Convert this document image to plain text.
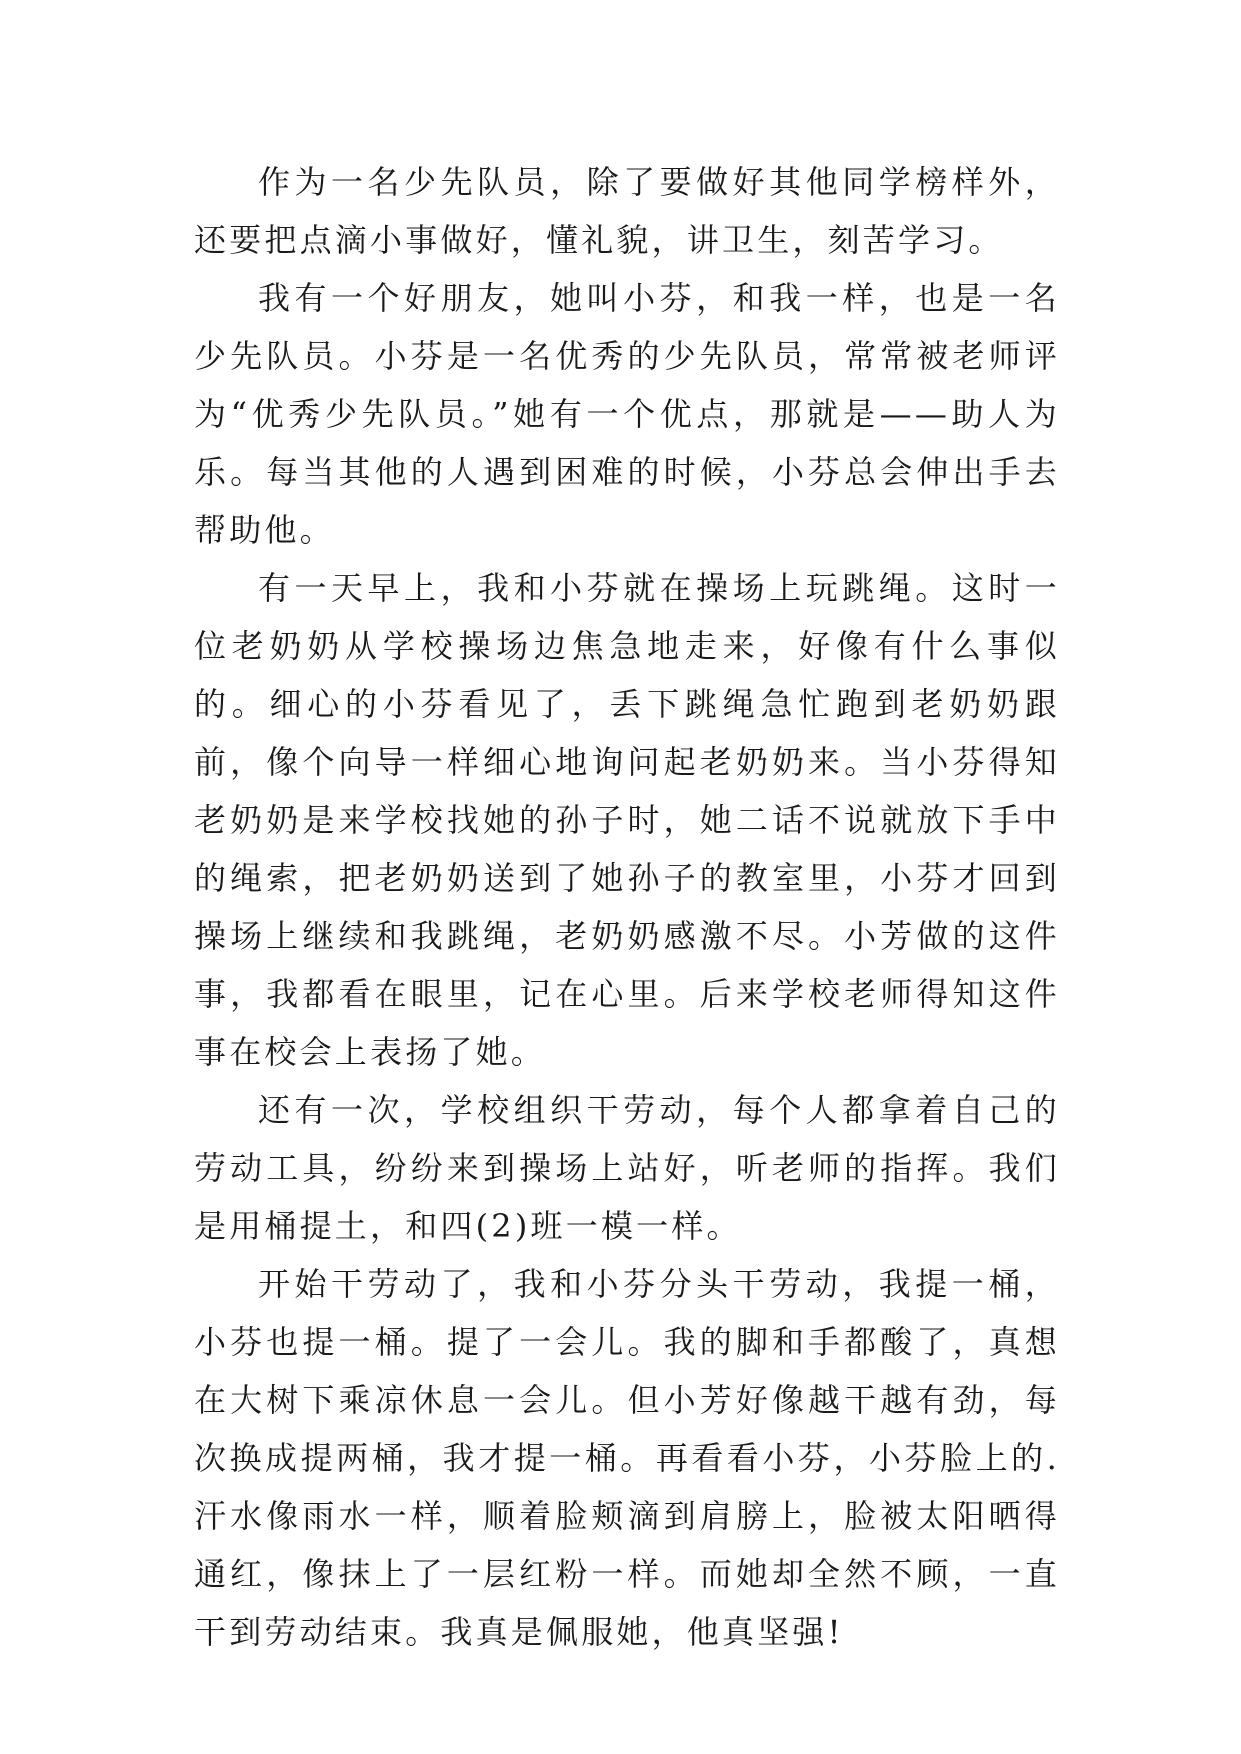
作为一名少先队员，除了要做好其他同学榜样外，还要把点滴小事做好，懂礼貌，讲卫生，刻苦学习。

我有一个好朋友，她叫小芬，和我一样，也是一名少先队员。小芬是一名优秀的少先队员，常常被老师评为“优秀少先队员。”她有一个优点，那就是——助人为乐。每当其他的人遇到困难的时候，小芬总会伸出手去帮助他。

有一天早上，我和小芬就在操场上玩跳绳。这时一位老奶奶从学校操场边焦急地走来，好像有什么事似的。细心的小芬看见了，丢下跳绳急忙跑到老奶奶跟前，像个向导一样细心地询问起老奶奶来。当小芬得知老奶奶是来学校找她的孙子时，她二话不说就放下手中的绳索，把老奶奶送到了她孙子的教室里，小芬才回到操场上继续和我跳绳，老奶奶感激不尽。小芳做的这件事，我都看在眼里，记在心里。后来学校老师得知这件事在校会上表扬了她。

还有一次，学校组织干劳动，每个人都拿着自己的劳动工具，纷纷来到操场上站好，听老师的指挥。我们是用桶提土，和四(2)班一模一样。

开始干劳动了，我和小芬分头干劳动，我提一桶，小芬也提一桶。提了一会儿。我的脚和手都酸了，真想在大树下乘凉休息一会儿。但小芳好像越干越有劲，每次换成提两桶，我才提一桶。再看看小芬，小芬脸上的.汗水像雨水一样，顺着脸颊滴到肩膀上，脸被太阳晒得通红，像抹上了一层红粉一样。而她却全然不顾，一直干到劳动结束。我真是佩服她，他真坚强!
